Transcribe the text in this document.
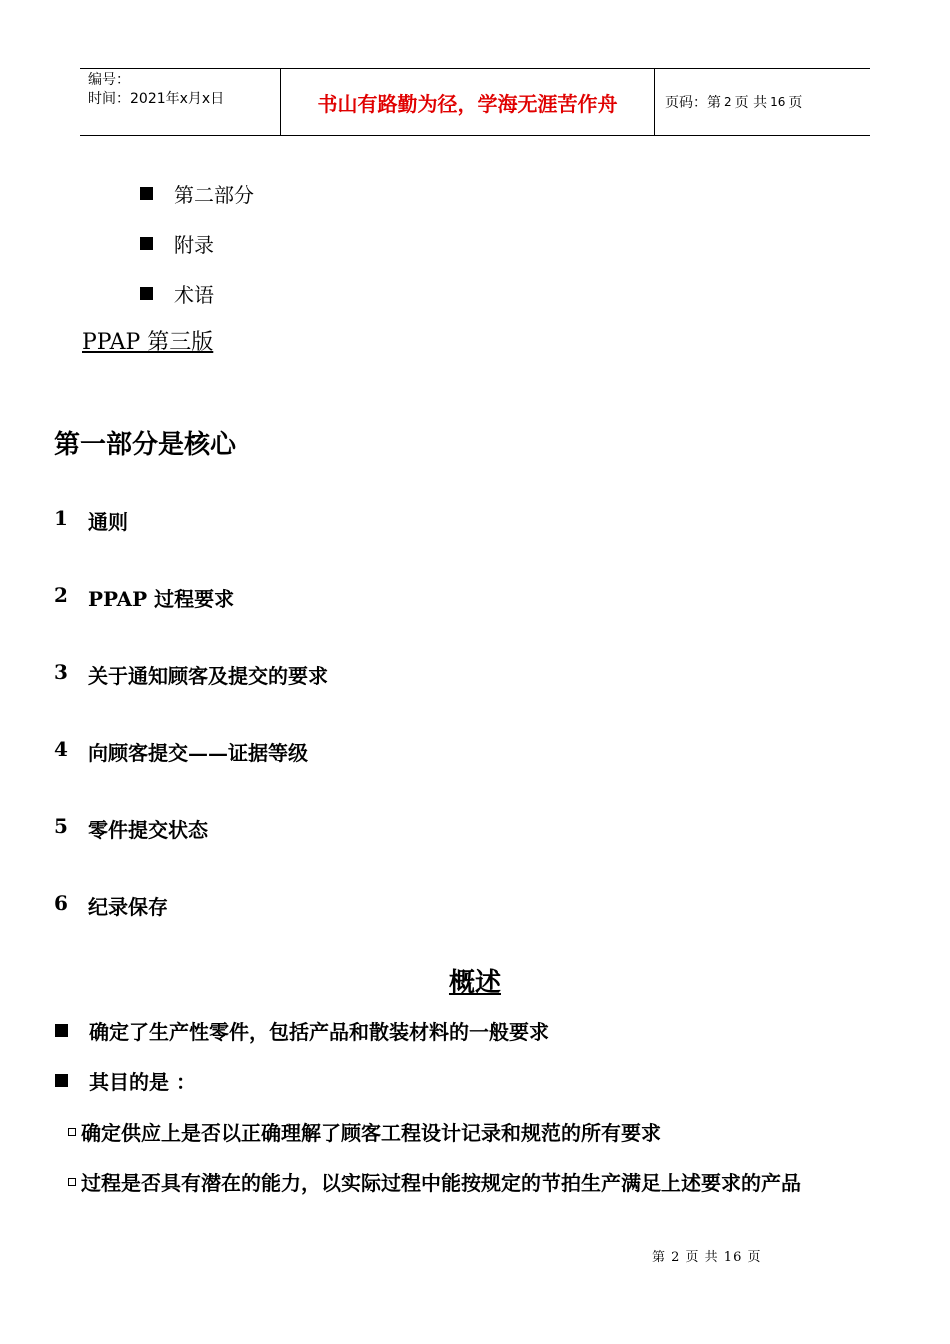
编号：
时间：2021年x月x日	书山有路勤为径，学海无涯苦作舟	页码：第 2 页 共 16 页
第二部分
附录
术语
PPAP 第三版
第一部分是核心
1	通则
2	PPAP 过程要求
3	关于通知顾客及提交的要求
4	向顾客提交——证据等级
5	零件提交状态
6	纪录保存
概述
确定了生产性零件，包括产品和散装材料的一般要求
其目的是 ：
确定供应上是否以正确理解了顾客工程设计记录和规范的所有要求
过程是否具有潜在的能力，以实际过程中能按规定的节拍生产满足上述要求的产品
第 2 页 共 16 页
